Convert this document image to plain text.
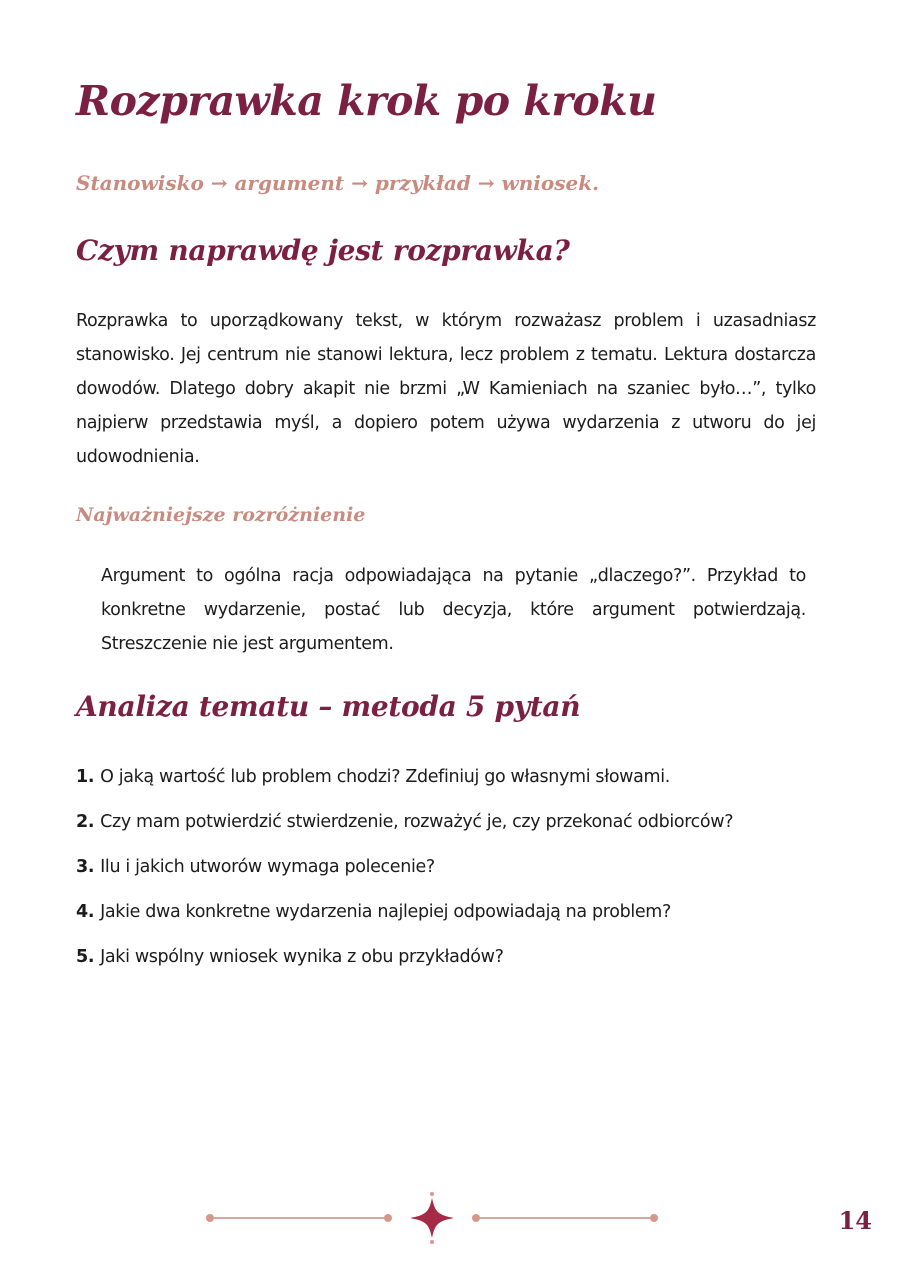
Rozprawka krok po kroku

Stanowisko → argument → przykład → wniosek.

Czym naprawdę jest rozprawka?

Rozprawka to uporządkowany tekst, w którym rozważasz problem i uzasadniasz stanowisko. Jej centrum nie stanowi lektura, lecz problem z tematu. Lektura dostarcza dowodów. Dlatego dobry akapit nie brzmi „W Kamieniach na szaniec było…”, tylko najpierw przedstawia myśl, a dopiero potem używa wydarzenia z utworu do jej udowodnienia.

Najważniejsze rozróżnienie

Argument to ogólna racja odpowiadająca na pytanie „dlaczego?”. Przykład to konkretne wydarzenie, postać lub decyzja, które argument potwierdzają. Streszczenie nie jest argumentem.

Analiza tematu – metoda 5 pytań
1. O jaką wartość lub problem chodzi? Zdefiniuj go własnymi słowami.
2. Czy mam potwierdzić stwierdzenie, rozważyć je, czy przekonać odbiorców?
3. Ilu i jakich utworów wymaga polecenie?
4. Jakie dwa konkretne wydarzenia najlepiej odpowiadają na problem?
5. Jaki wspólny wniosek wynika z obu przykładów?
14
